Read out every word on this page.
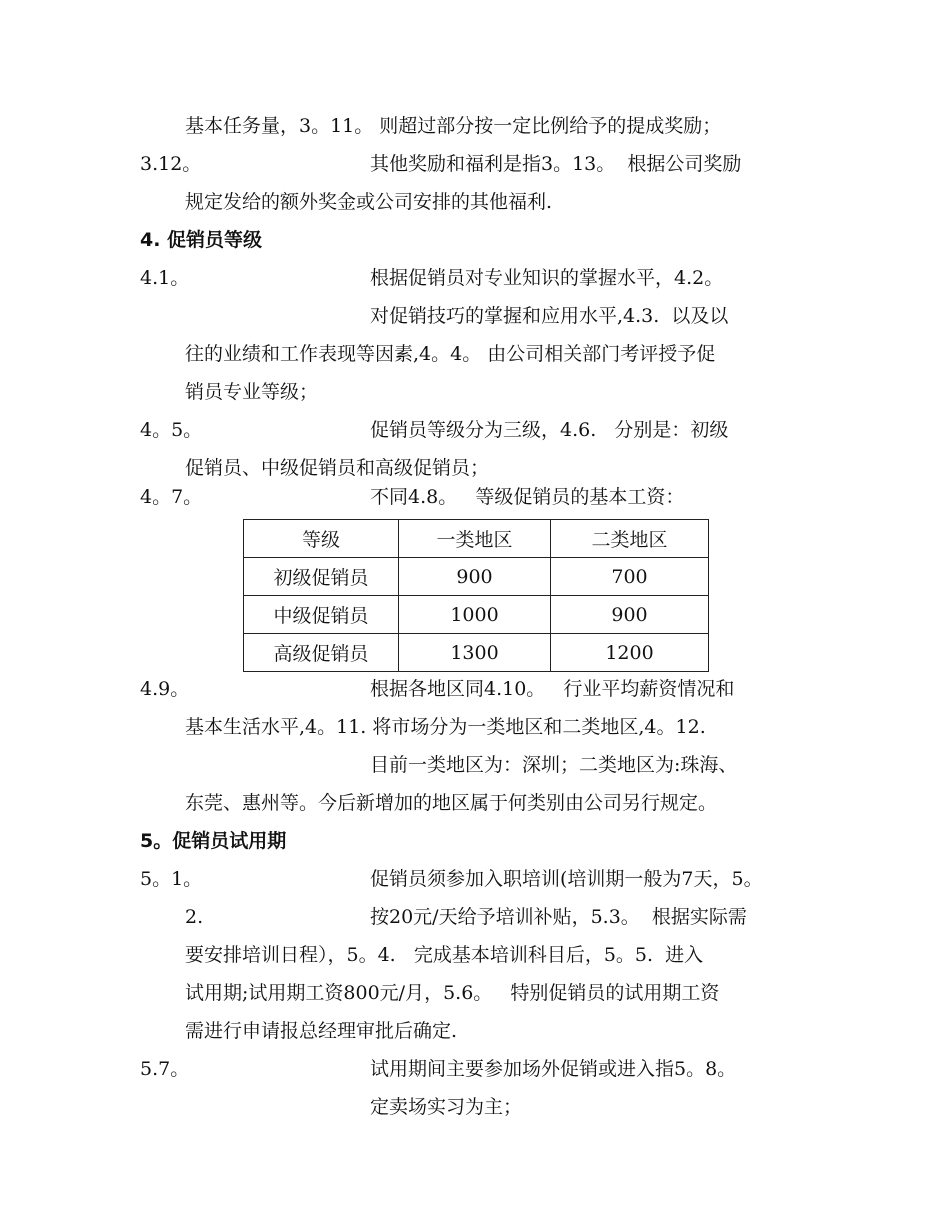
基本任务量，3。11。 则超过部分按一定比例给予的提成奖励；
3.12。	其他奖励和福利是指3。13。  根据公司奖励
规定发给的额外奖金或公司安排的其他福利.
4. 促销员等级
4.1。	根据促销员对专业知识的掌握水平，4.2。
对促销技巧的掌握和应用水平,4.3.  以及以
往的业绩和工作表现等因素,4。4。 由公司相关部门考评授予促
销员专业等级；
4。5。	促销员等级分为三级，4.6.   分别是：初级
促销员、中级促销员和高级促销员；
4。7。	不同4.8。   等级促销员的基本工资：
等级	一类地区	二类地区
初级促销员	900	700
中级促销员	1000	900
高级促销员	1300	1200
4.9。	根据各地区同4.10。   行业平均薪资情况和
基本生活水平,4。11. 将市场分为一类地区和二类地区,4。12.
目前一类地区为：深圳；二类地区为:珠海、
东莞、惠州等。今后新增加的地区属于何类别由公司另行规定。
5。促销员试用期
5。1。	促销员须参加入职培训(培训期一般为7天，5。
2.	按20元/天给予培训补贴，5.3。  根据实际需
要安排培训日程），5。4.   完成基本培训科目后，5。5.  进入
试用期;试用期工资800元/月，5.6。   特别促销员的试用期工资
需进行申请报总经理审批后确定.
5.7。	试用期间主要参加场外促销或进入指5。8。
定卖场实习为主；
